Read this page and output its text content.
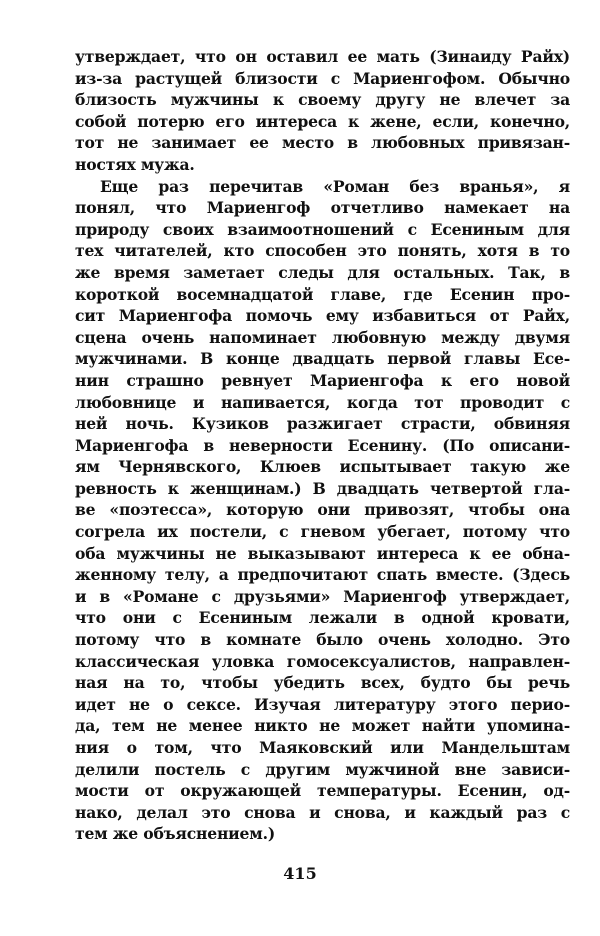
утверждает, что он оставил ее мать (Зинаиду Райх)
из-за растущей близости с Мариенгофом. Обычно
близость мужчины к своему другу не влечет за
собой потерю его интереса к жене, если, конечно,
тот не занимает ее место в любовных привязан-
ностях мужа.
Еще раз перечитав «Роман без вранья», я
понял, что Мариенгоф отчетливо намекает на
природу своих взаимоотношений с Есениным для
тех читателей, кто способен это понять, хотя в то
же время заметает следы для остальных. Так, в
короткой восемнадцатой главе, где Есенин про-
сит Мариенгофа помочь ему избавиться от Райх,
сцена очень напоминает любовную между двумя
мужчинами. В конце двадцать первой главы Есе-
нин страшно ревнует Мариенгофа к его новой
любовнице и напивается, когда тот проводит с
ней ночь. Кузиков разжигает страсти, обвиняя
Мариенгофа в неверности Есенину. (По описани-
ям Чернявского, Клюев испытывает такую же
ревность к женщинам.) В двадцать четвертой гла-
ве «поэтесса», которую они привозят, чтобы она
согрела их постели, с гневом убегает, потому что
оба мужчины не выказывают интереса к ее обна-
женному телу, а предпочитают спать вместе. (Здесь
и в «Романе с друзьями» Мариенгоф утверждает,
что они с Есениным лежали в одной кровати,
потому что в комнате было очень холодно. Это
классическая уловка гомосексуалистов, направлен-
ная на то, чтобы убедить всех, будто бы речь
идет не о сексе. Изучая литературу этого перио-
да, тем не менее никто не может найти упомина-
ния о том, что Маяковский или Мандельштам
делили постель с другим мужчиной вне зависи-
мости от окружающей температуры. Есенин, од-
нако, делал это снова и снова, и каждый раз с
тем же объяснением.)
415
